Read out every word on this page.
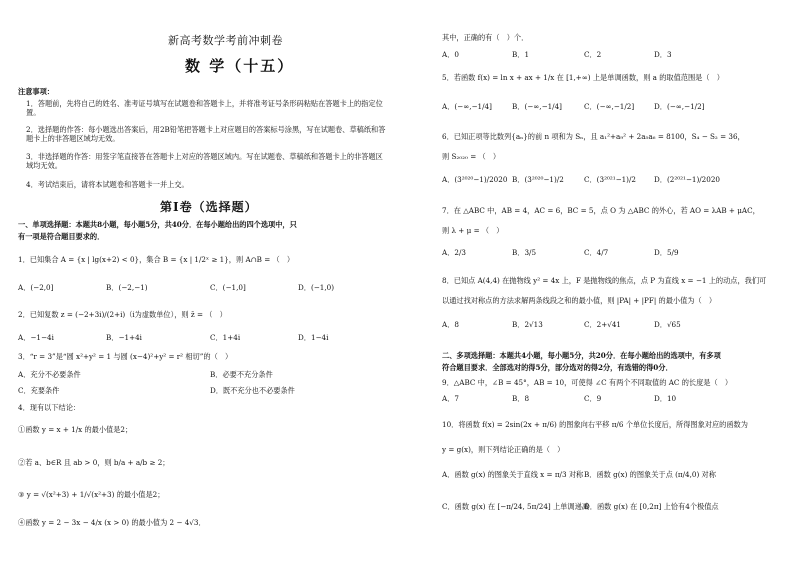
新高考数学考前冲刺卷
数 学（十五）
注意事项：
1．答题前，先将自己的姓名、准考证号填写在试题卷和答题卡上，并将准考证号条形码粘贴在答题卡上的指定位置。
2．选择题的作答：每小题选出答案后，用2B铅笔把答题卡上对应题目的答案标号涂黑，写在试题卷、草稿纸和答题卡上的非答题区域均无效。
3．非选择题的作答：用签字笔直接答在答题卡上对应的答题区域内。写在试题卷、草稿纸和答题卡上的非答题区域均无效。
4．考试结束后，请将本试题卷和答题卡一并上交。
第Ⅰ卷（选择题）
一、单项选择题：本题共8小题，每小题5分，共40分．在每小题给出的四个选项中，只
有一项是符合题目要求的．
1．已知集合 A = {x | lg(x+2) < 0}，集合 B = {x | 1/2ˣ ≥ 1}，则 A∩B = （　）
A．(−2,0]	B．(−2,−1)	C．(−1,0]	D．(−1,0)
2．已知复数 z = (−2+3i)/(2+i)（i为虚数单位），则 z̄ = （　）
A．−1−4i	B．−1+4i	C．1+4i	D．1−4i
3．“r = 3”是“圆 x²+y² = 1 与圆 (x−4)²+y² = r² 相切”的（　）
A．充分不必要条件	B．必要不充分条件
C．充要条件	D．既不充分也不必要条件
4．现有以下结论：
①函数 y = x + 1/x 的最小值是2；
②若 a、b∈R 且 ab > 0，则 b/a + a/b ≥ 2；
③ y = √(x²+3) + 1/√(x²+3) 的最小值是2；
④函数 y = 2 − 3x − 4/x (x > 0) 的最小值为 2 − 4√3．
其中，正确的有（　）个．
A．0	B．1	C．2	D．3
5．若函数 f(x) = ln x + ax + 1/x 在 [1,+∞) 上是单调函数，则 a 的取值范围是（　）
A．(−∞,−1/4]	B．(−∞,−1/4]	C．(−∞,−1/2]	D．(−∞,−1/2]
6．已知正项等比数列{aₙ}的前 n 项和为 Sₙ，且 a₁²+a₉² + 2a₅a₆ = 8100，S₄ − S₂ = 36，
则 S₂₀₂₀ = （　）
A．(3²⁰²⁰−1)/2020 B．(3²⁰²⁰−1)/2	C．(3²⁰²¹−1)/2	D．(2²⁰²¹−1)/2020
7．在 △ABC 中，AB = 4，AC = 6，BC = 5，点 O 为 △ABC 的外心，若 AO = λAB + μAC，
则 λ + μ = （　）
A．2/3	B．3/5	C．4/7	D．5/9
8．已知点 A(4,4) 在抛物线 y² = 4x 上，F 是抛物线的焦点，点 P 为直线 x = −1 上的动点，我们可
以通过找对称点的方法求解两条线段之和的最小值，则 |PA| + |PF| 的最小值为（　）
A．8	B．2√13	C．2+√41	D．√65
二、多项选择题：本题共4小题，每小题5分，共20分．在每小题给出的选项中，有多项
符合题目要求．全部选对的得5分，部分选对的得2分，有选错的得0分．
9．△ABC 中，∠B = 45°，AB = 10，可使得 ∠C 有两个不同取值的 AC 的长度是（　）
A．7	B．8	C．9	D．10
10．将函数 f(x) = 2sin(2x + π/6) 的图象向右平移 π/6 个单位长度后，所得图象对应的函数为
y = g(x)，则下列结论正确的是（　）
A．函数 g(x) 的图象关于直线 x = π/3 对称 B．函数 g(x) 的图象关于点 (π/4,0) 对称
C．函数 g(x) 在 [−π/24, 5π/24] 上单调递减
D．函数 g(x) 在 [0,2π] 上恰有4个极值点
